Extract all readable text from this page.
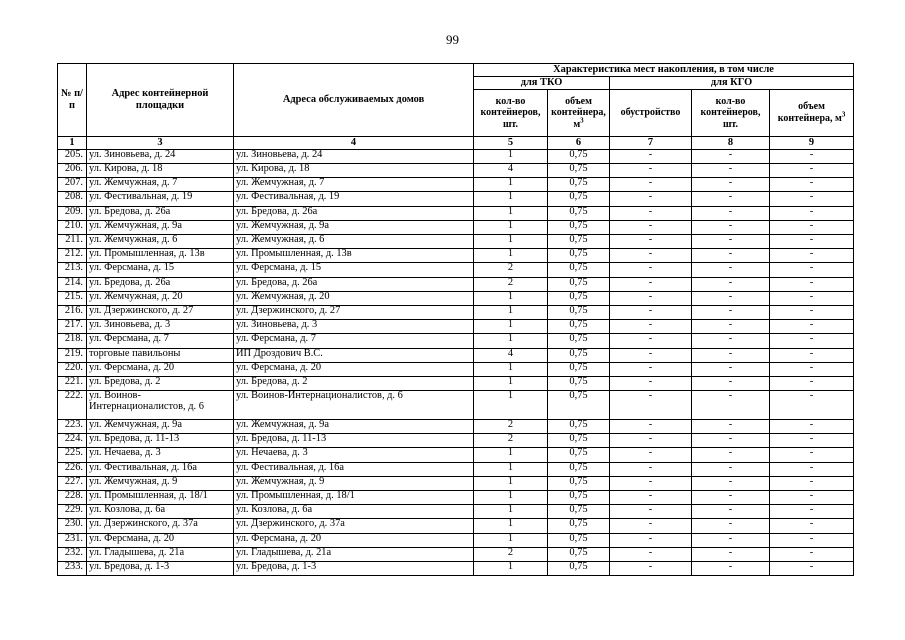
99
№ п/п	Адрес контейнерной площадки	Адреса обслуживаемых домов	Характеристика мест накопления, в том числе				
			для ТКО		для КГО		
			кол-во контейнеров, шт.	объем контейнера, $м^3$	обустройство	кол-во контейнеров, шт.	объем контейнера, $м^3$
1	3	4	5	6	7	8	9
205.	ул. Зиновьева, д. 24	ул. Зиновьева, д. 24	1	0,75	-	-	-
206.	ул. Кирова, д. 18	ул. Кирова, д. 18	4	0,75	-	-	-
207.	ул. Жемчужная, д. 7	ул. Жемчужная, д. 7	1	0,75	-	-	-
208.	ул. Фестивальная, д. 19	ул. Фестивальная, д. 19	1	0,75	-	-	-
209.	ул. Бредова, д. 26а	ул. Бредова, д. 26а	1	0,75	-	-	-
210.	ул. Жемчужная, д. 9а	ул. Жемчужная, д. 9а	1	0,75	-	-	-
211.	ул. Жемчужная, д. 6	ул. Жемчужная, д. 6	1	0,75	-	-	-
212.	ул. Промышленная, д. 13в	ул. Промышленная, д. 13в	1	0,75	-	-	-
213.	ул. Ферсмана, д. 15	ул. Ферсмана, д. 15	2	0,75	-	-	-
214.	ул. Бредова, д. 26а	ул. Бредова, д. 26а	2	0,75	-	-	-
215.	ул. Жемчужная, д. 20	ул. Жемчужная, д. 20	1	0,75	-	-	-
216.	ул. Дзержинского, д. 27	ул. Дзержинского, д. 27	1	0,75	-	-	-
217.	ул. Зиновьева, д. 3	ул. Зиновьева, д. 3	1	0,75	-	-	-
218.	ул. Ферсмана, д. 7	ул. Ферсмана, д. 7	1	0,75	-	-	-
219.	торговые павильоны	ИП Дроздович В.С.	4	0,75	-	-	-
220.	ул. Ферсмана, д. 20	ул. Ферсмана, д. 20	1	0,75	-	-	-
221.	ул. Бредова, д. 2	ул. Бредова, д. 2	1	0,75	-	-	-
222.	ул. Воинов-Интернационалистов, д. 6	ул. Воинов-Интернационалистов, д. 6	1	0,75	-	-	-
223.	ул. Жемчужная, д. 9а	ул. Жемчужная, д. 9а	2	0,75	-	-	-
224.	ул. Бредова, д. 11-13	ул. Бредова, д. 11-13	2	0,75	-	-	-
225.	ул. Нечаева, д. 3	ул. Нечаева, д. 3	1	0,75	-	-	-
226.	ул. Фестивальная, д. 16а	ул. Фестивальная, д. 16а	1	0,75	-	-	-
227.	ул. Жемчужная, д. 9	ул. Жемчужная, д. 9	1	0,75	-	-	-
228.	ул. Промышленная, д. 18/1	ул. Промышленная, д. 18/1	1	0,75	-	-	-
229.	ул. Козлова, д. 6а	ул. Козлова, д. 6а	1	0,75	-	-	-
230.	ул. Дзержинского, д. 37а	ул. Дзержинского, д. 37а	1	0,75	-	-	-
231.	ул. Ферсмана, д. 20	ул. Ферсмана, д. 20	1	0,75	-	-	-
232.	ул. Гладышева, д. 21а	ул. Гладышева, д. 21а	2	0,75	-	-	-
233.	ул. Бредова, д. 1-3	ул. Бредова, д. 1-3	1	0,75	-	-	-
